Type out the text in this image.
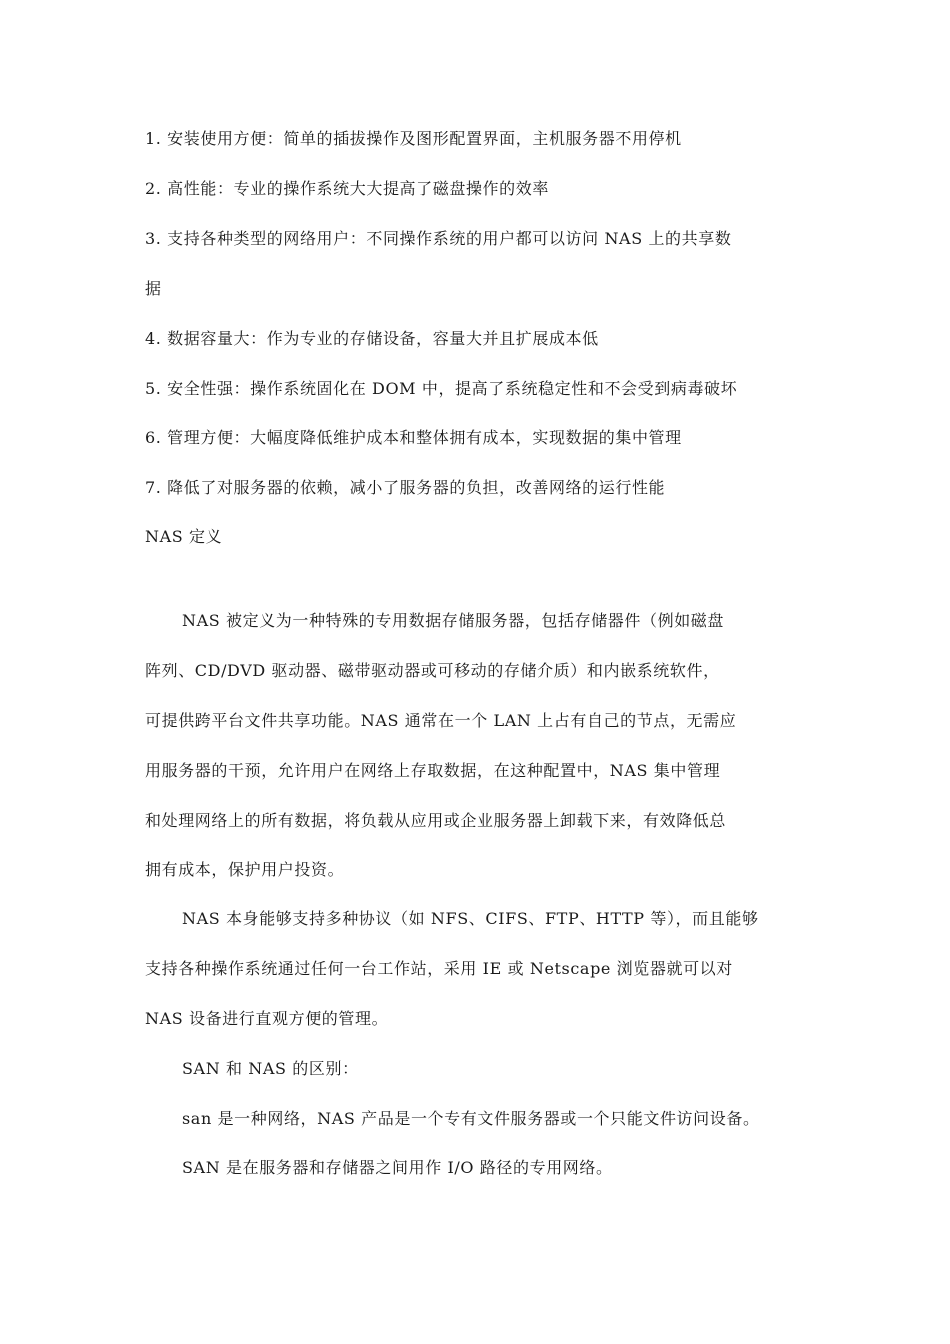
1. 安装使用方便：简单的插拔操作及图形配置界面，主机服务器不用停机
2. 高性能：专业的操作系统大大提高了磁盘操作的效率
3. 支持各种类型的网络用户：不同操作系统的用户都可以访问 NAS 上的共享数
据
4. 数据容量大：作为专业的存储设备，容量大并且扩展成本低
5. 安全性强：操作系统固化在 DOM 中，提高了系统稳定性和不会受到病毒破坏
6. 管理方便：大幅度降低维护成本和整体拥有成本，实现数据的集中管理
7. 降低了对服务器的依赖，减小了服务器的负担，改善网络的运行性能
NAS 定义
NAS 被定义为一种特殊的专用数据存储服务器，包括存储器件（例如磁盘
阵列、CD/DVD 驱动器、磁带驱动器或可移动的存储介质）和内嵌系统软件，
可提供跨平台文件共享功能。NAS 通常在一个 LAN 上占有自己的节点，无需应
用服务器的干预，允许用户在网络上存取数据，在这种配置中，NAS 集中管理
和处理网络上的所有数据，将负载从应用或企业服务器上卸载下来，有效降低总
拥有成本，保护用户投资。
NAS 本身能够支持多种协议（如 NFS、CIFS、FTP、HTTP 等），而且能够
支持各种操作系统通过任何一台工作站，采用 IE 或 Netscape 浏览器就可以对
NAS 设备进行直观方便的管理。
SAN 和 NAS 的区别：
san 是一种网络，NAS 产品是一个专有文件服务器或一个只能文件访问设备。
SAN 是在服务器和存储器之间用作 I/O 路径的专用网络。
